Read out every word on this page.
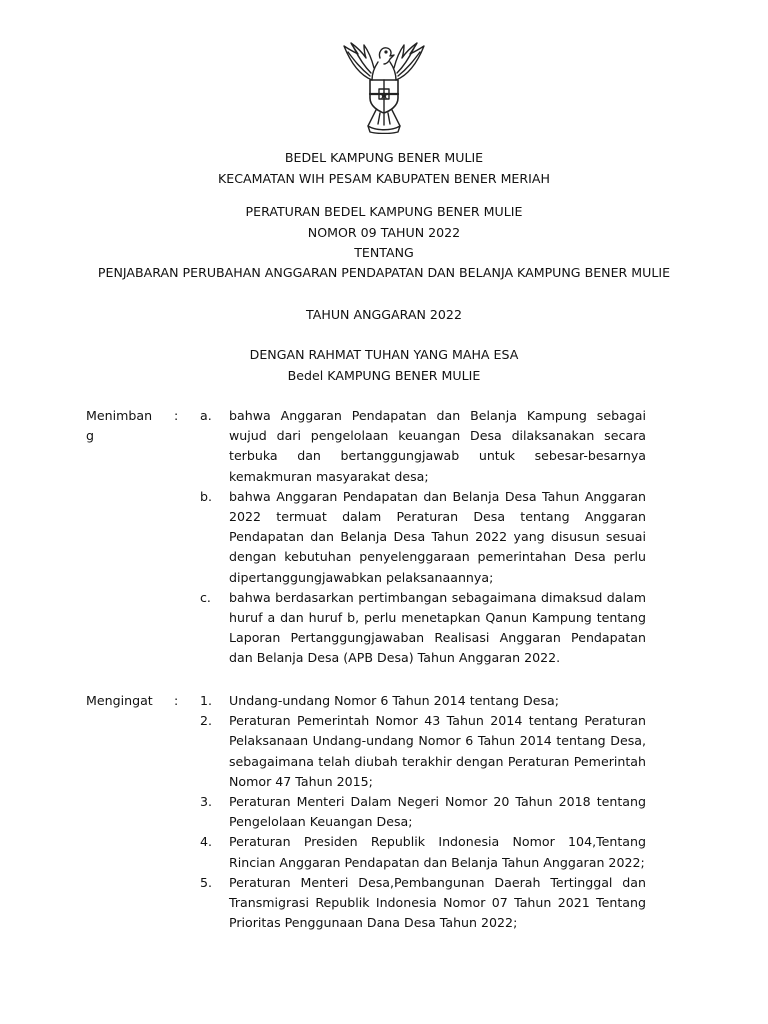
BEDEL KAMPUNG BENER MULIE
KECAMATAN WIH PESAM KABUPATEN BENER MERIAH
PERATURAN BEDEL KAMPUNG BENER MULIE
NOMOR 09 TAHUN 2022
TENTANG
PENJABARAN PERUBAHAN ANGGARAN PENDAPATAN DAN BELANJA KAMPUNG BENER MULIE
TAHUN ANGGARAN 2022
DENGAN RAHMAT TUHAN YANG MAHA ESA
Bedel KAMPUNG BENER MULIE
Menimbang
: a. bahwa Anggaran Pendapatan dan Belanja Kampung sebagai wujud dari pengelolaan keuangan Desa dilaksanakan secara terbuka dan bertanggungjawab untuk sebesar-besarnya kemakmuran masyarakat desa;
b. bahwa Anggaran Pendapatan dan Belanja Desa Tahun Anggaran 2022 termuat dalam Peraturan Desa tentang Anggaran Pendapatan dan Belanja Desa Tahun 2022 yang disusun sesuai dengan kebutuhan penyelenggaraan pemerintahan Desa perlu dipertanggungjawabkan pelaksanaannya;
c. bahwa berdasarkan pertimbangan sebagaimana dimaksud dalam huruf a dan huruf b, perlu menetapkan Qanun Kampung tentang Laporan Pertanggungjawaban Realisasi Anggaran Pendapatan dan Belanja Desa (APB Desa) Tahun Anggaran 2022.
Mengingat	: 1. Undang-undang Nomor 6 Tahun 2014 tentang Desa;
2. Peraturan Pemerintah Nomor 43 Tahun 2014 tentang Peraturan Pelaksanaan Undang-undang Nomor 6 Tahun 2014 tentang Desa, sebagaimana telah diubah terakhir dengan Peraturan Pemerintah Nomor 47 Tahun 2015;
3. Peraturan Menteri Dalam Negeri Nomor 20 Tahun 2018 tentang Pengelolaan Keuangan Desa;
4. Peraturan Presiden Republik Indonesia Nomor 104,Tentang Rincian Anggaran Pendapatan dan Belanja Tahun Anggaran 2022;
5. Peraturan Menteri Desa,Pembangunan Daerah Tertinggal dan Transmigrasi Republik Indonesia Nomor 07 Tahun 2021 Tentang Prioritas Penggunaan Dana Desa Tahun 2022;
